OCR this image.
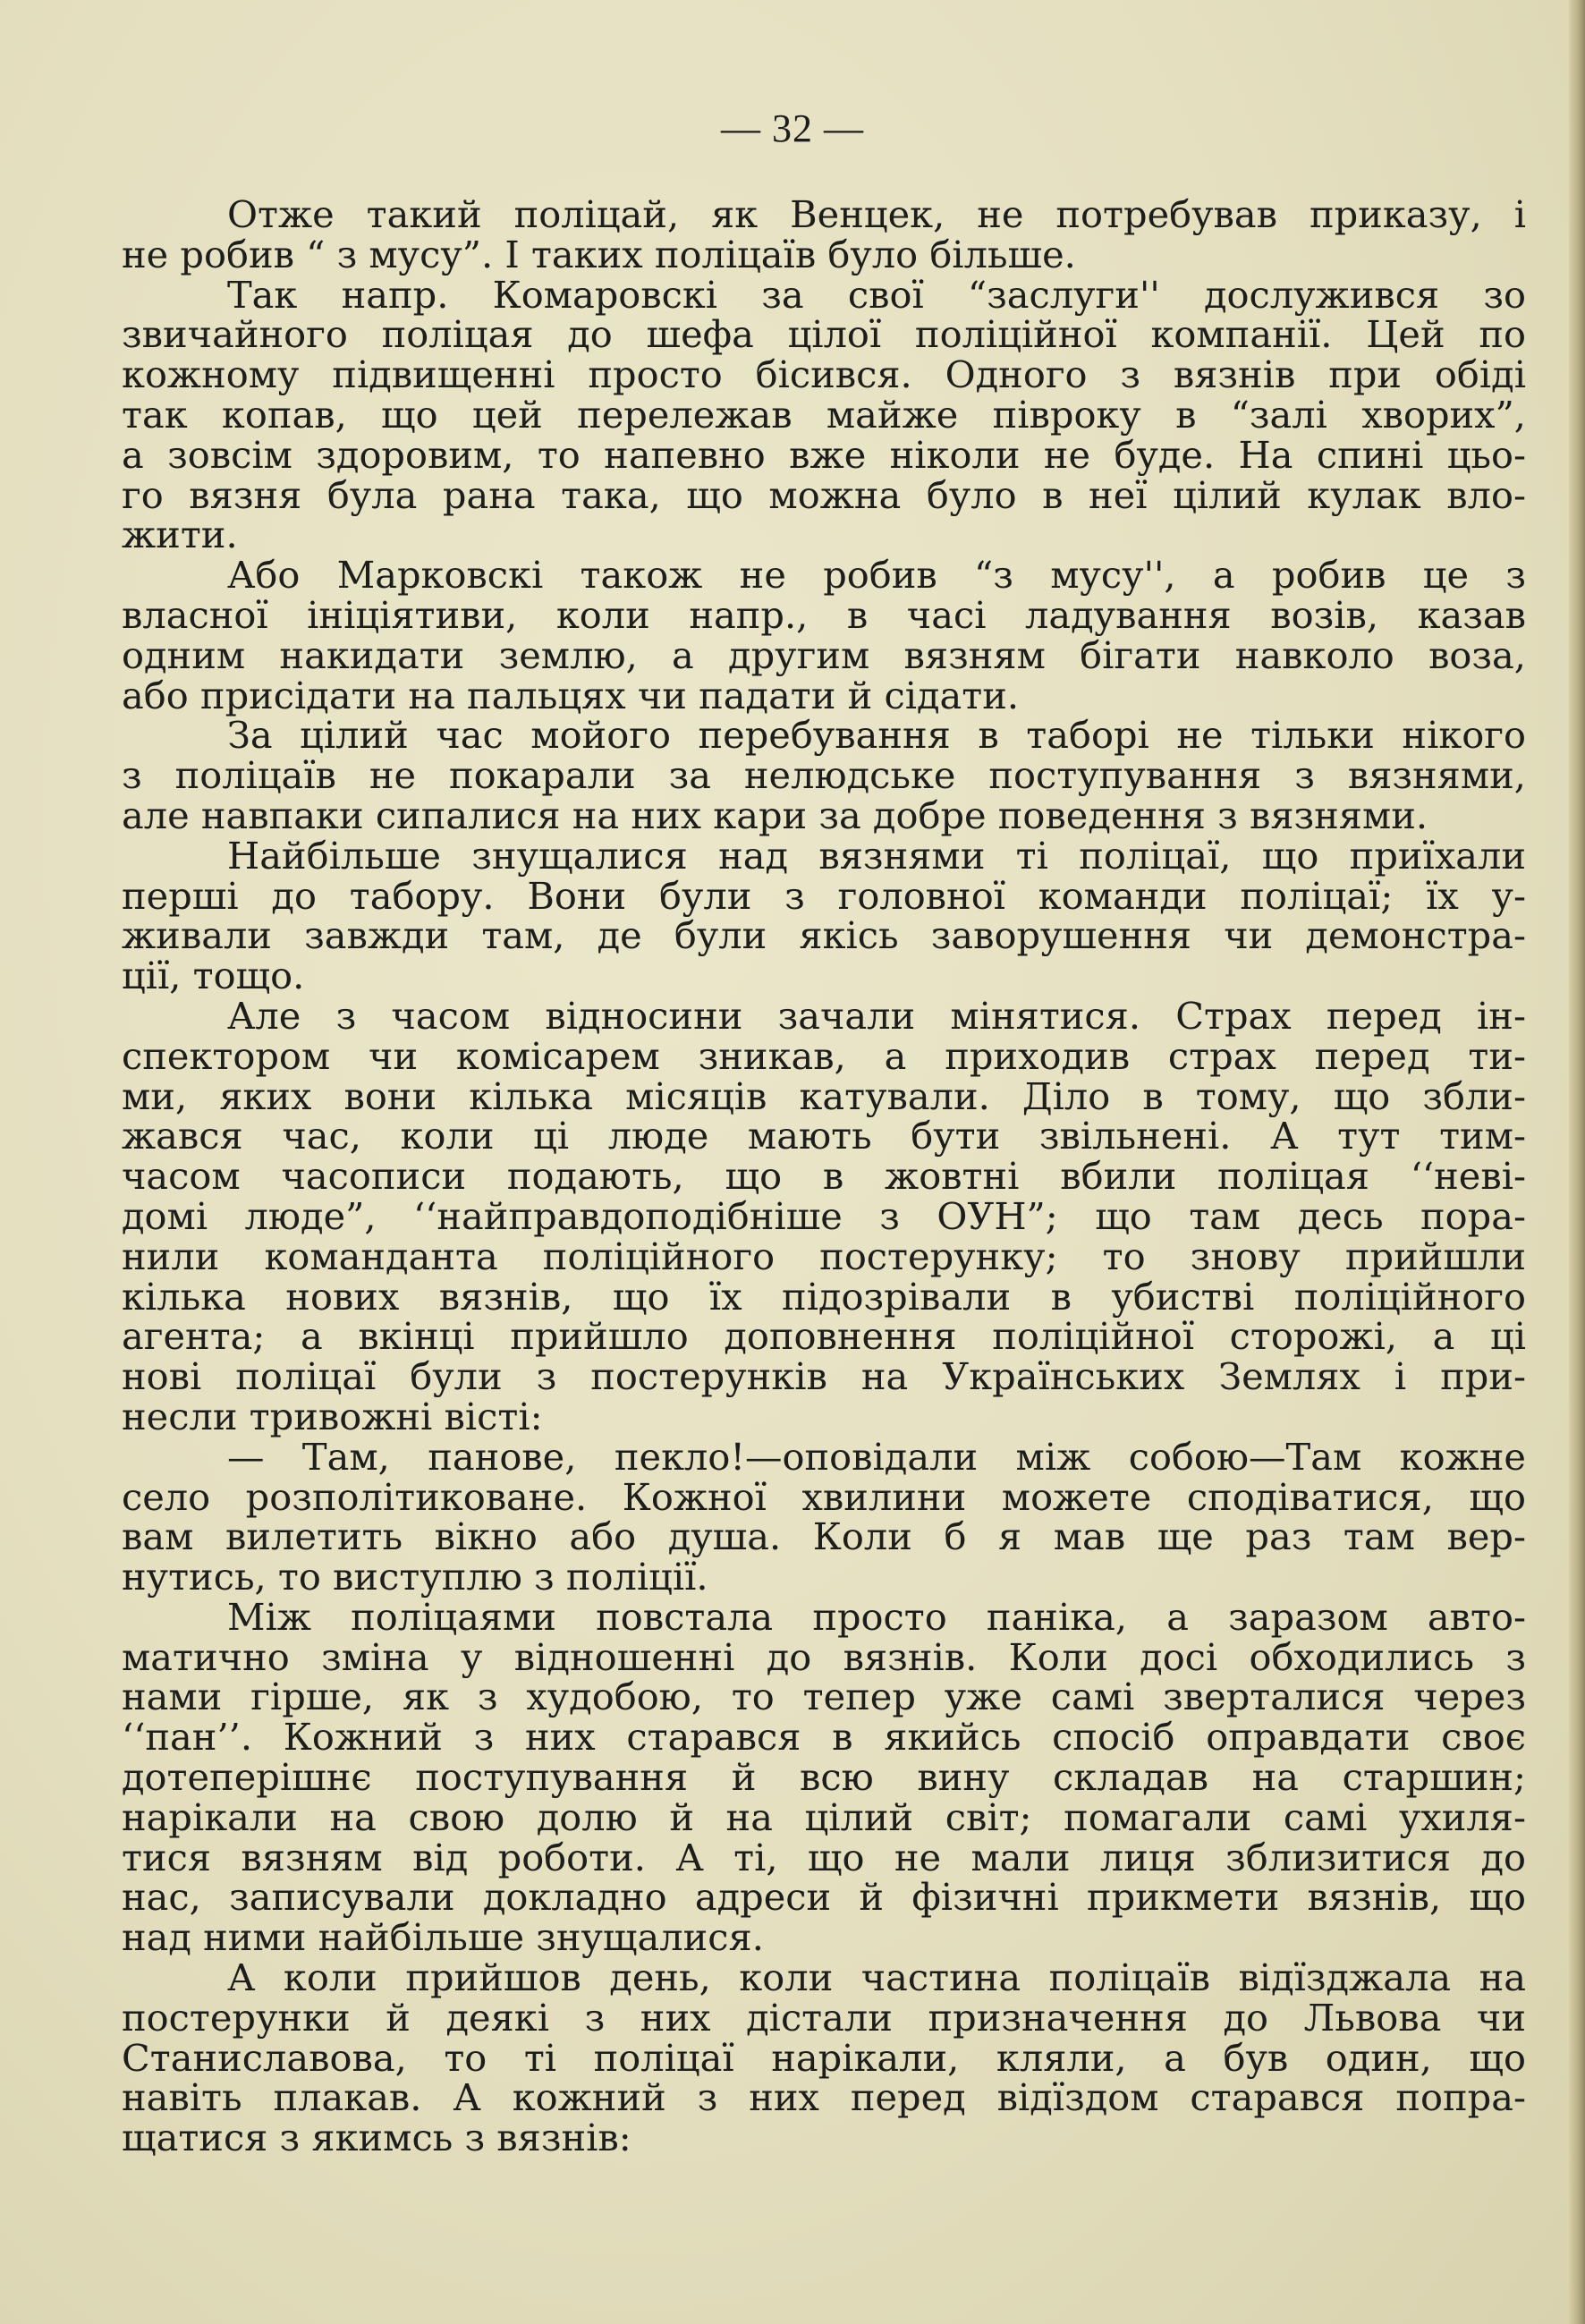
— 32 —
Отже такий поліцай, як Венцек, не потребував приказу, і
не робив “ з мусу”. І таких поліцаїв було більше.
Так напр. Комаровскі за свої “заслуги'' дослужився зо
звичайного поліцая до шефа цілої поліційної компанії. Цей по
кожному підвищенні просто бісився. Одного з вязнів при обіді
так копав, що цей перележав майже півроку в “залі хворих”,
а зовсім здоровим, то напевно вже ніколи не буде. На спині цьо-
го вязня була рана така, що можна було в неї цілий кулак вло-
жити.
Або Марковскі також не робив “з мусу'', а робив це з
власної ініціятиви, коли напр., в часі ладування возів, казав
одним накидати землю, а другим вязням бігати навколо воза,
або присідати на пальцях чи падати й сідати.
За цілий час мойого перебування в таборі не тільки нікого
з поліцаїв не покарали за нелюдське поступування з вязнями,
але навпаки сипалися на них кари за добре поведення з вязнями.
Найбільше знущалися над вязнями ті поліцаї, що приїхали
перші до табору. Вони були з головної команди поліцаї; їх у-
живали завжди там, де були якісь заворушення чи демонстра-
ції, тощо.
Але з часом відносини зачали мінятися. Страх перед ін-
спектором чи комісарем зникав, а приходив страх перед ти-
ми, яких вони кілька місяців катували. Діло в тому, що збли-
жався час, коли ці люде мають бути звільнені. А тут тим-
часом часописи подають, що в жовтні вбили поліцая ‘‘неві-
домі люде”, ‘‘найправдоподібніше з ОУН”; що там десь пора-
нили команданта поліційного постерунку; то знову прийшли
кілька нових вязнів, що їх підозрівали в убистві поліційного
агента; а вкінці прийшло доповнення поліційної сторожі, а ці
нові поліцаї були з постерунків на Українських Землях і при-
несли тривожні вісті:
— Там, панове, пекло!—оповідали між собою—Там кожне
село розполітиковане. Кожної хвилини можете сподіватися, що
вам вилетить вікно або душа. Коли б я мав ще раз там вер-
нутись, то виступлю з поліції.
Між поліцаями повстала просто паніка, а заразом авто-
матично зміна у відношенні до вязнів. Коли досі обходились з
нами гірше, як з худобою, то тепер уже самі зверталися через
‘‘пан’’. Кожний з них старався в якийсь спосіб оправдати своє
дотеперішнє поступування й всю вину складав на старшин;
нарікали на свою долю й на цілий світ; помагали самі ухиля-
тися вязням від роботи. А ті, що не мали лиця зблизитися до
нас, записували докладно адреси й фізичні прикмети вязнів, що
над ними найбільше знущалися.
А коли прийшов день, коли частина поліцаїв відїзджала на
постерунки й деякі з них дістали призначення до Львова чи
Станиславова, то ті поліцаї нарікали, кляли, а був один, що
навіть плакав. А кожний з них перед відїздом старався попра-
щатися з якимсь з вязнів:
